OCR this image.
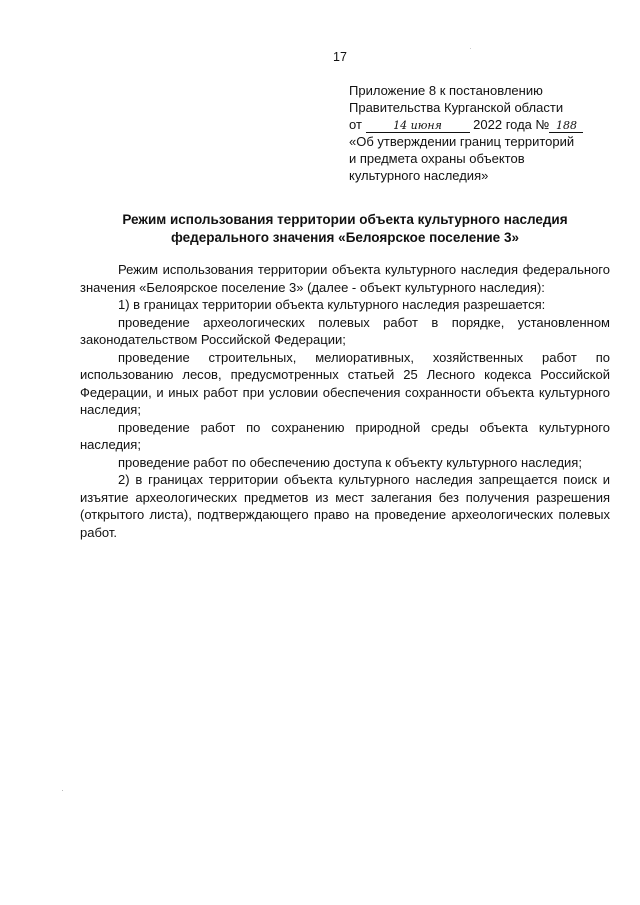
17
Приложение 8 к постановлению
Правительства Курганской области
от	14 июня 2022 года № 188
«Об утверждении границ территорий
и предмета охраны объектов
культурного наследия»
Режим использования территории объекта культурного наследия
федерального значения «Белоярское поселение 3»

Режим использования территории объекта культурного наследия федерального значения «Белоярское поселение 3» (далее - объект культурного наследия):

1) в границах территории объекта культурного наследия разрешается:

проведение археологических полевых работ в порядке, установленном законодательством Российской Федерации;

проведение строительных, мелиоративных, хозяйственных работ по использованию лесов, предусмотренных статьей 25 Лесного кодекса Российской Федерации, и иных работ при условии обеспечения сохранности объекта культурного наследия;

проведение работ по сохранению природной среды объекта культурного наследия;

проведение работ по обеспечению доступа к объекту культурного наследия;

2) в границах территории объекта культурного наследия запрещается поиск и изъятие археологических предметов из мест залегания без получения разрешения (открытого листа), подтверждающего право на проведение археологических полевых работ.
